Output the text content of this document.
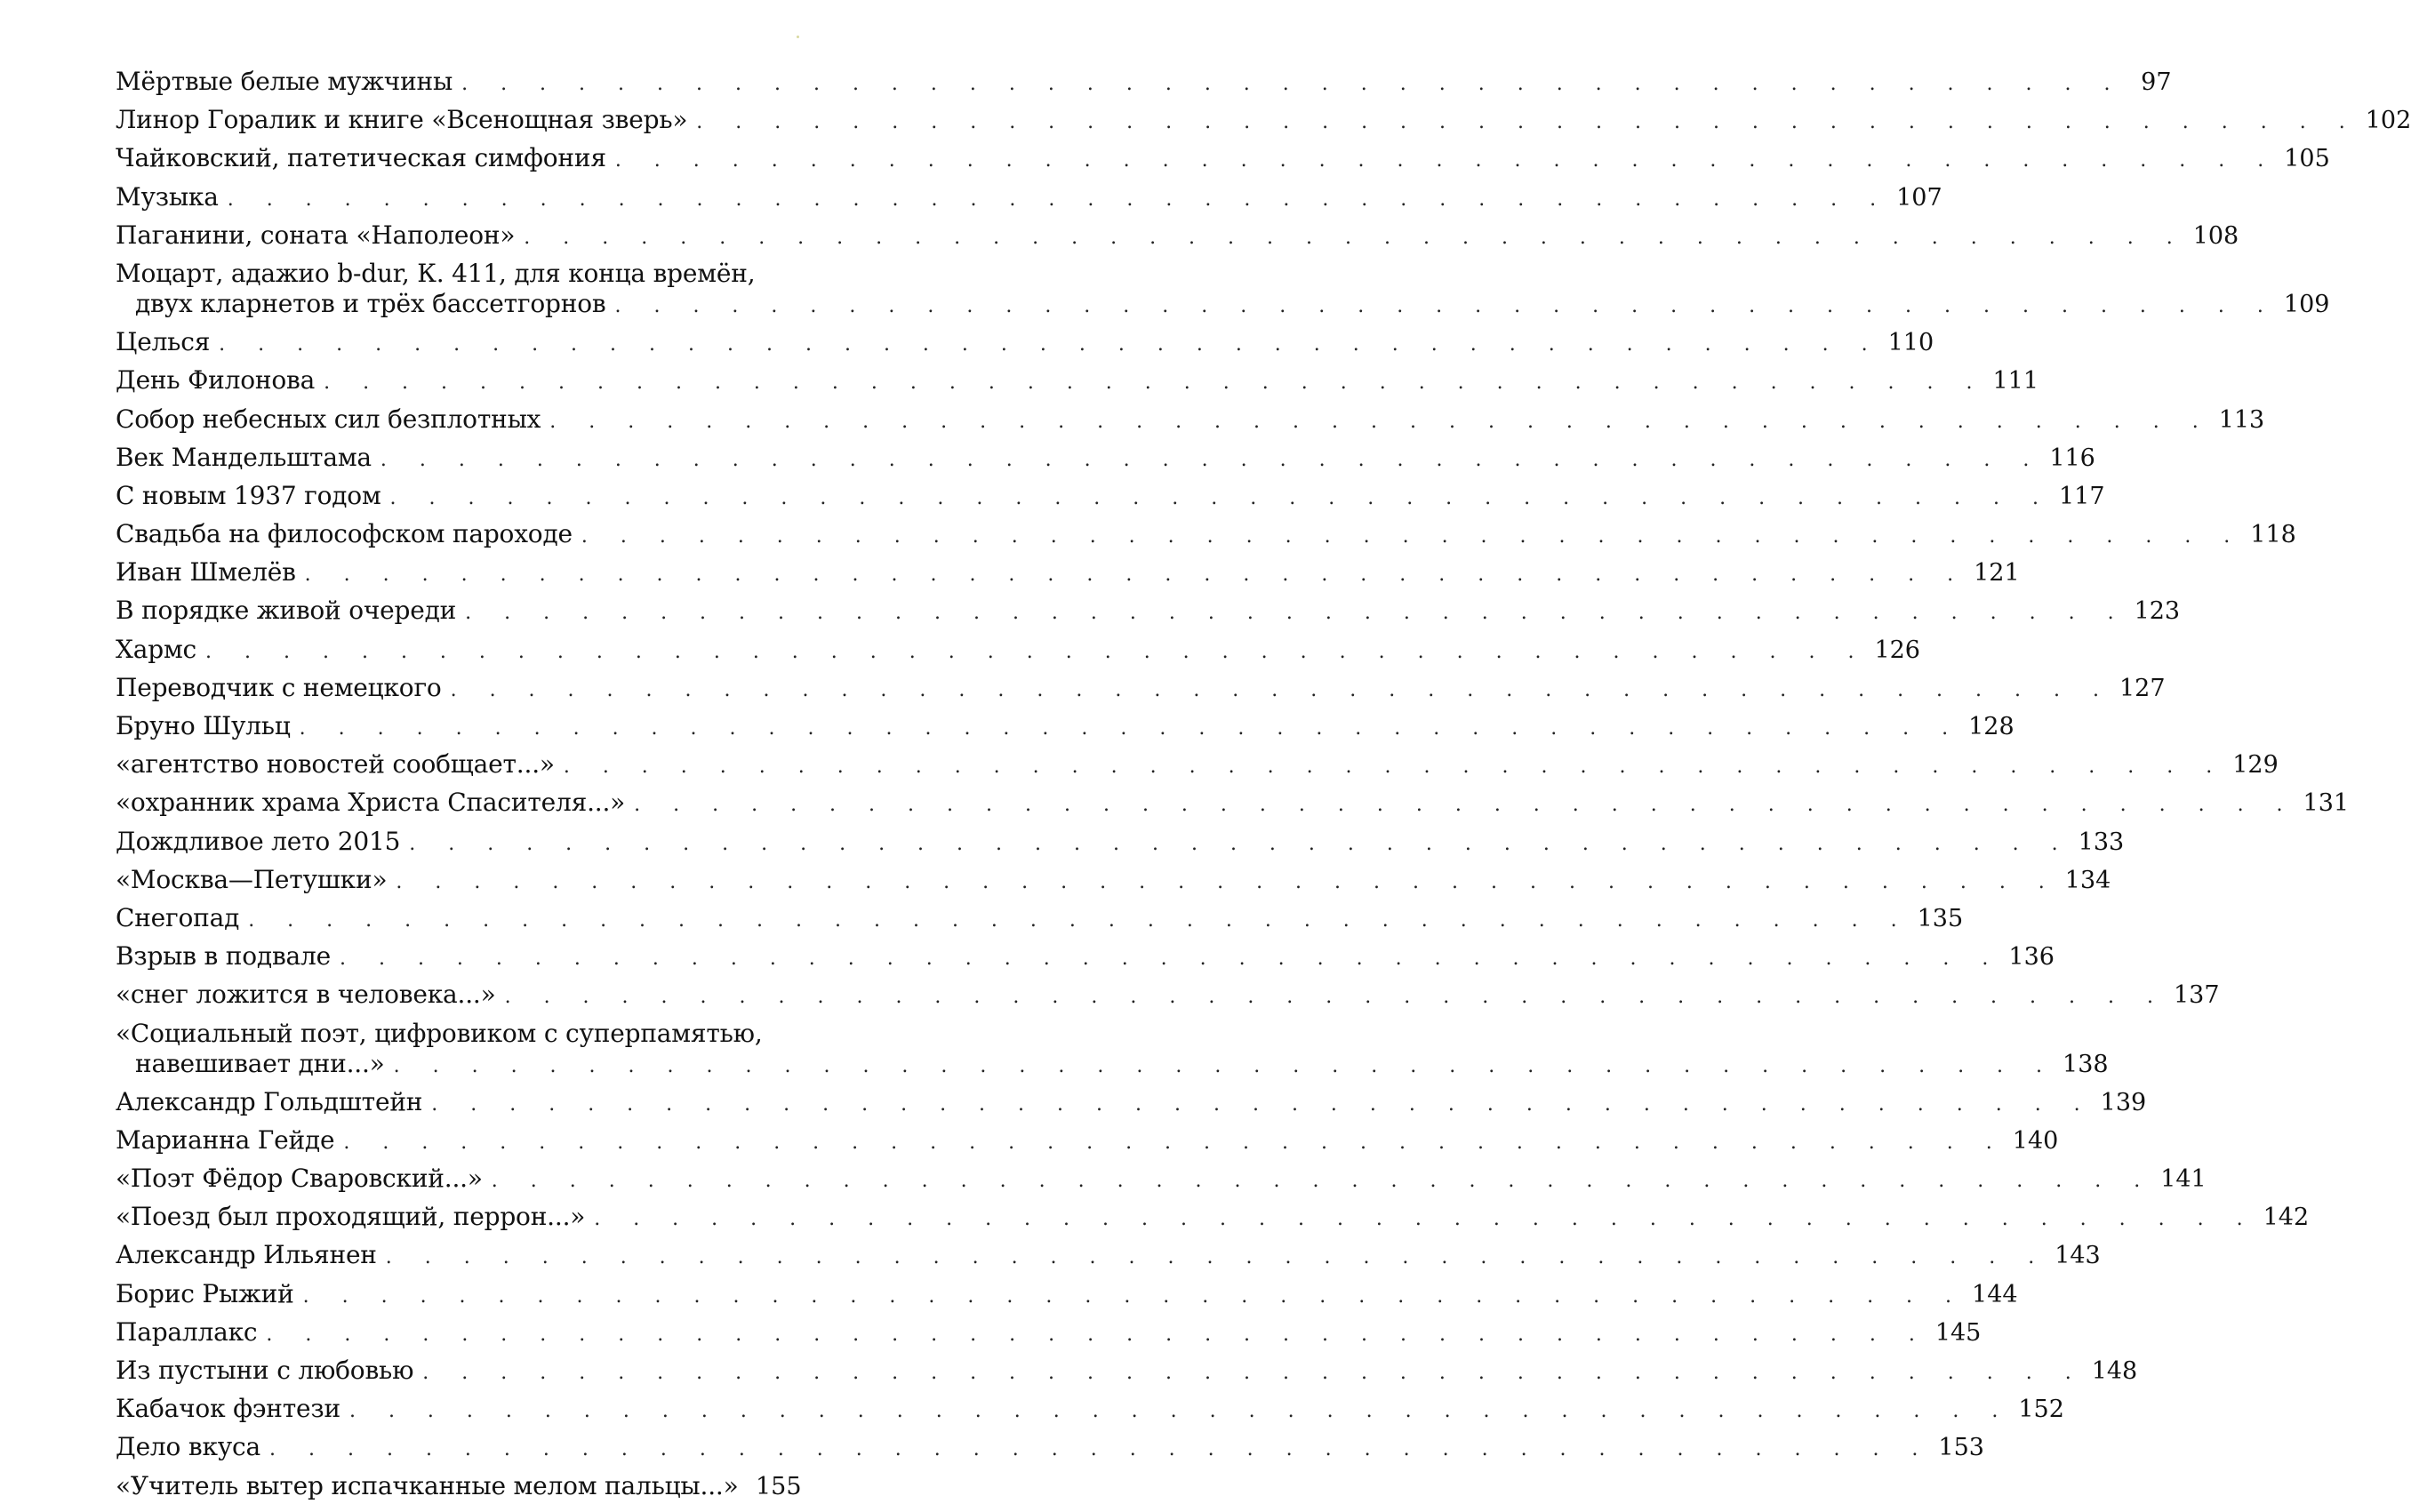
Мёртвые белые мужчины . . . . . . . . . . . . . . . . . . . . . . . . . . . . . . . . . . . . . . . . . . . 97
Линор Горалик и книге «Всенощная зверь» . . . . . . . . . . . . . . . . . . . . . . . . . . . . . . . . . . . . . . . . . . . 102
Чайковский, патетическая симфония . . . . . . . . . . . . . . . . . . . . . . . . . . . . . . . . . . . . . . . . . . . 105
Музыка . . . . . . . . . . . . . . . . . . . . . . . . . . . . . . . . . . . . . . . . . . . 107
Паганини, соната «Наполеон» . . . . . . . . . . . . . . . . . . . . . . . . . . . . . . . . . . . . . . . . . . . 108
Моцарт, адажио b-dur, К. 411, для конца времён,
двух кларнетов и трёх бассетгорнов . . . . . . . . . . . . . . . . . . . . . . . . . . . . . . . . . . . . . . . . . . . 109
Целься . . . . . . . . . . . . . . . . . . . . . . . . . . . . . . . . . . . . . . . . . . . 110
День Филонова . . . . . . . . . . . . . . . . . . . . . . . . . . . . . . . . . . . . . . . . . . . 111
Собор небесных сил безплотных . . . . . . . . . . . . . . . . . . . . . . . . . . . . . . . . . . . . . . . . . . . 113
Век Мандельштама . . . . . . . . . . . . . . . . . . . . . . . . . . . . . . . . . . . . . . . . . . . 116
С новым 1937 годом . . . . . . . . . . . . . . . . . . . . . . . . . . . . . . . . . . . . . . . . . . . 117
Свадьба на философском пароходе . . . . . . . . . . . . . . . . . . . . . . . . . . . . . . . . . . . . . . . . . . . 118
Иван Шмелёв . . . . . . . . . . . . . . . . . . . . . . . . . . . . . . . . . . . . . . . . . . . 121
В порядке живой очереди . . . . . . . . . . . . . . . . . . . . . . . . . . . . . . . . . . . . . . . . . . . 123
Хармс . . . . . . . . . . . . . . . . . . . . . . . . . . . . . . . . . . . . . . . . . . . 126
Переводчик с немецкого . . . . . . . . . . . . . . . . . . . . . . . . . . . . . . . . . . . . . . . . . . . 127
Бруно Шульц . . . . . . . . . . . . . . . . . . . . . . . . . . . . . . . . . . . . . . . . . . . 128
«агентство новостей сообщает...» . . . . . . . . . . . . . . . . . . . . . . . . . . . . . . . . . . . . . . . . . . . 129
«охранник храма Христа Спасителя...» . . . . . . . . . . . . . . . . . . . . . . . . . . . . . . . . . . . . . . . . . . . 131
Дождливое лето 2015 . . . . . . . . . . . . . . . . . . . . . . . . . . . . . . . . . . . . . . . . . . . 133
«Москва—Петушки» . . . . . . . . . . . . . . . . . . . . . . . . . . . . . . . . . . . . . . . . . . . 134
Снегопад . . . . . . . . . . . . . . . . . . . . . . . . . . . . . . . . . . . . . . . . . . . 135
Взрыв в подвале . . . . . . . . . . . . . . . . . . . . . . . . . . . . . . . . . . . . . . . . . . . 136
«снег ложится в человека...» . . . . . . . . . . . . . . . . . . . . . . . . . . . . . . . . . . . . . . . . . . . 137
«Социальный поэт, цифровиком с суперпамятью,
навешивает дни...» . . . . . . . . . . . . . . . . . . . . . . . . . . . . . . . . . . . . . . . . . . . 138
Александр Гольдштейн . . . . . . . . . . . . . . . . . . . . . . . . . . . . . . . . . . . . . . . . . . . 139
Марианна Гейде . . . . . . . . . . . . . . . . . . . . . . . . . . . . . . . . . . . . . . . . . . . 140
«Поэт Фёдор Сваровский...» . . . . . . . . . . . . . . . . . . . . . . . . . . . . . . . . . . . . . . . . . . . 141
«Поезд был проходящий, перрон...» . . . . . . . . . . . . . . . . . . . . . . . . . . . . . . . . . . . . . . . . . . . 142
Александр Ильянен . . . . . . . . . . . . . . . . . . . . . . . . . . . . . . . . . . . . . . . . . . . 143
Борис Рыжий . . . . . . . . . . . . . . . . . . . . . . . . . . . . . . . . . . . . . . . . . . . 144
Параллакс . . . . . . . . . . . . . . . . . . . . . . . . . . . . . . . . . . . . . . . . . . . 145
Из пустыни с любовью . . . . . . . . . . . . . . . . . . . . . . . . . . . . . . . . . . . . . . . . . . . 148
Кабачок фэнтези . . . . . . . . . . . . . . . . . . . . . . . . . . . . . . . . . . . . . . . . . . . 152
Дело вкуса . . . . . . . . . . . . . . . . . . . . . . . . . . . . . . . . . . . . . . . . . . . 153
«Учитель вытер испачканные мелом пальцы...» 155
